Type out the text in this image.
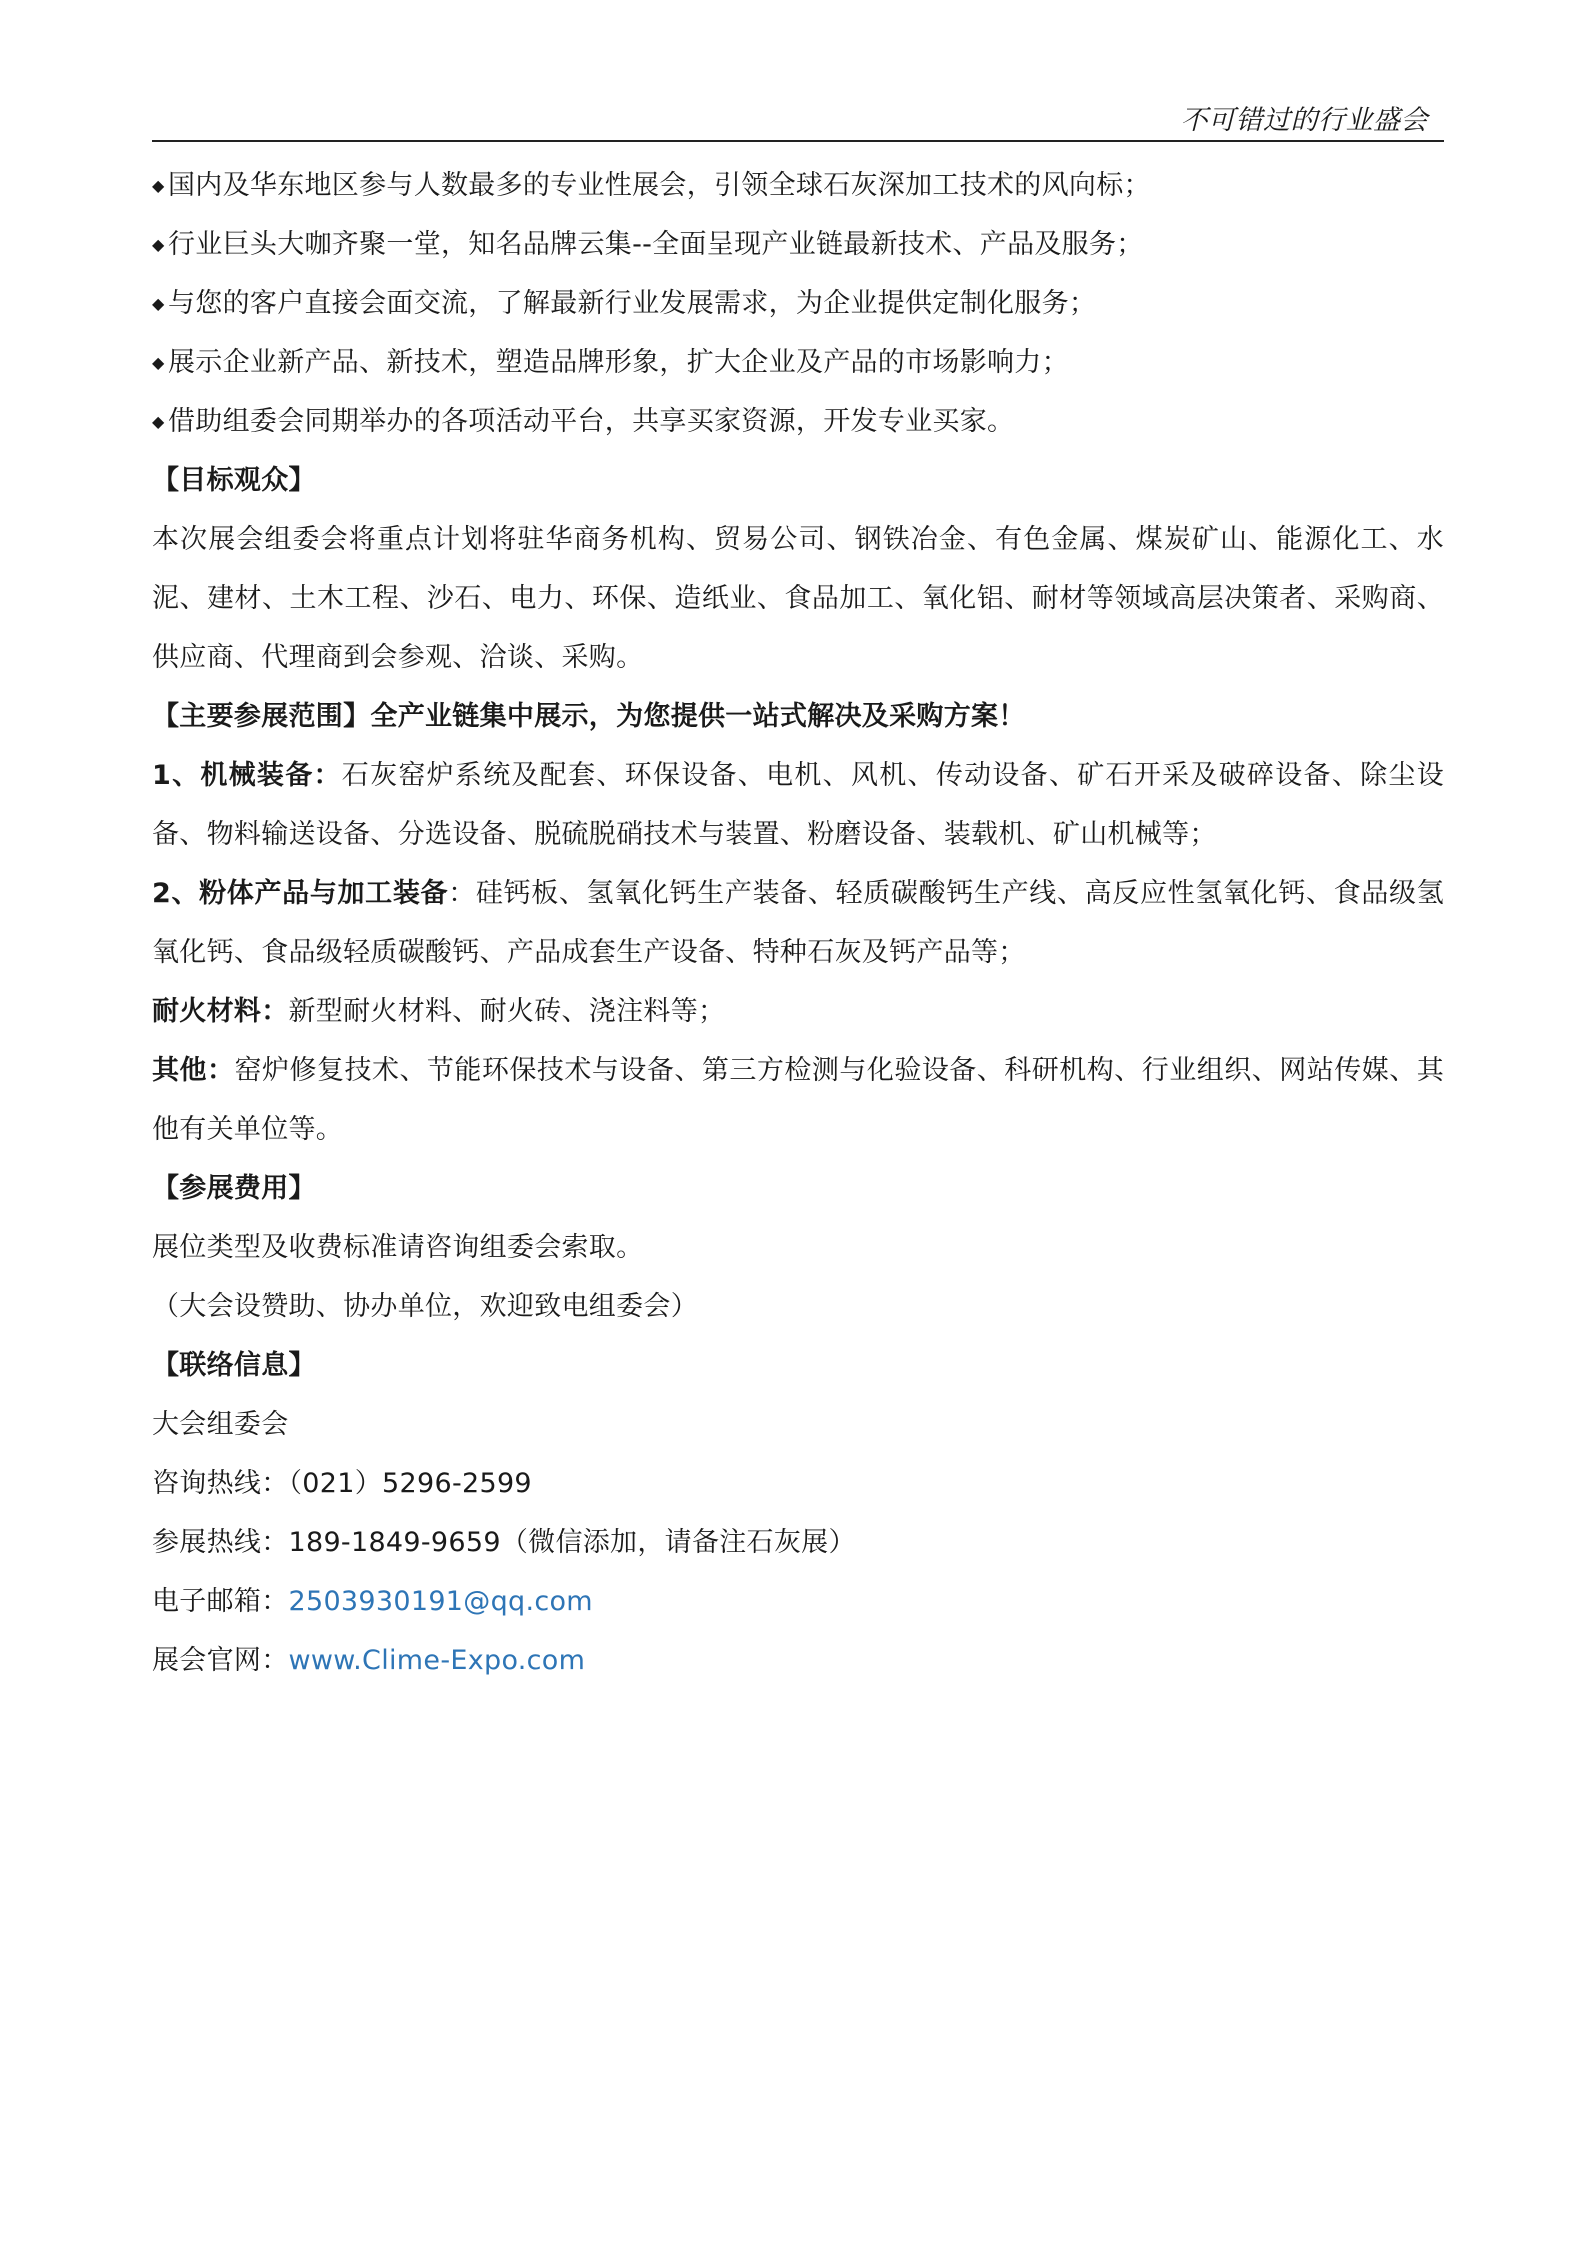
不可错过的行业盛会
◆ 国内及华东地区参与人数最多的专业性展会，引领全球石灰深加工技术的风向标；
◆ 行业巨头大咖齐聚一堂，知名品牌云集--全面呈现产业链最新技术、产品及服务；
◆ 与您的客户直接会面交流，了解最新行业发展需求，为企业提供定制化服务；
◆ 展示企业新产品、新技术，塑造品牌形象，扩大企业及产品的市场影响力；
◆ 借助组委会同期举办的各项活动平台，共享买家资源，开发专业买家。
【目标观众】
本次展会组委会将重点计划将驻华商务机构、贸易公司、钢铁冶金、有色金属、煤炭矿山、能源化工、水泥、建材、土木工程、沙石、电力、环保、造纸业、食品加工、氧化铝、耐材等领域高层决策者、采购商、供应商、代理商到会参观、洽谈、采购。
【主要参展范围】全产业链集中展示，为您提供一站式解决及采购方案！
1、机械装备：石灰窑炉系统及配套、环保设备、电机、风机、传动设备、矿石开采及破碎设备、除尘设备、物料输送设备、分选设备、脱硫脱硝技术与装置、粉磨设备、装载机、矿山机械等；
2、粉体产品与加工装备：硅钙板、氢氧化钙生产装备、轻质碳酸钙生产线、高反应性氢氧化钙、食品级氢氧化钙、食品级轻质碳酸钙、产品成套生产设备、特种石灰及钙产品等；
耐火材料：新型耐火材料、耐火砖、浇注料等；
其他：窑炉修复技术、节能环保技术与设备、第三方检测与化验设备、科研机构、行业组织、网站传媒、其他有关单位等。
【参展费用】
展位类型及收费标准请咨询组委会索取。
（大会设赞助、协办单位，欢迎致电组委会）
【联络信息】
大会组委会
咨询热线：（021）5296-2599
参展热线：189-1849-9659（微信添加，请备注石灰展）
电子邮箱：2503930191@qq.com
展会官网：www.Clime-Expo.com
